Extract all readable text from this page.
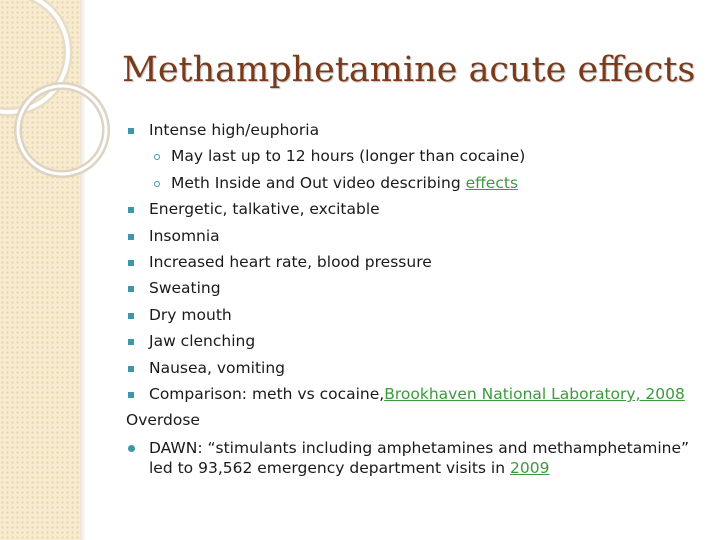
Methamphetamine acute effects
Intense high/euphoria
May last up to 12 hours (longer than cocaine)
Meth Inside and Out video describing effects
Energetic, talkative, excitable
Insomnia
Increased heart rate, blood pressure
Sweating
Dry mouth
Jaw clenching
Nausea, vomiting
Comparison: meth vs cocaine,Brookhaven National Laboratory, 2008
Overdose
DAWN: “stimulants including amphetamines and methamphetamine” led to 93,562 emergency department visits in 2009
